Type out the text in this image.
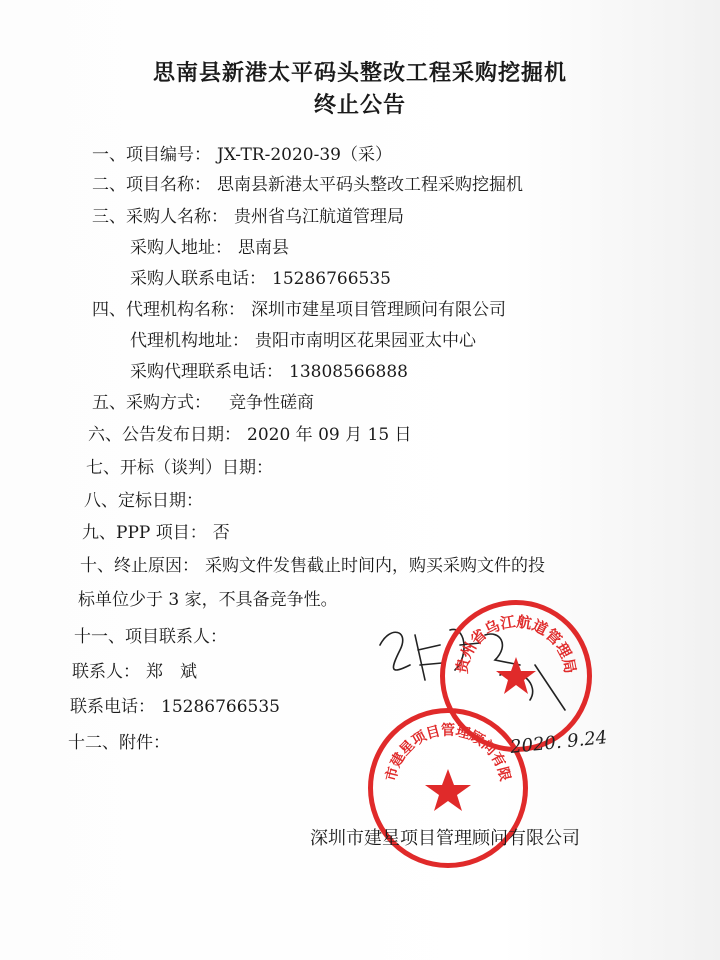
思南县新港太平码头整改工程采购挖掘机
终止公告
一、项目编号： JX-TR-2020-39（采）
二、项目名称： 思南县新港太平码头整改工程采购挖掘机
三、采购人名称： 贵州省乌江航道管理局
采购人地址： 思南县
采购人联系电话： 15286766535
四、代理机构名称： 深圳市建星项目管理顾问有限公司
代理机构地址： 贵阳市南明区花果园亚太中心
采购代理联系电话： 13808566888
五、采购方式： 竞争性磋商
六、公告发布日期： 2020 年 09 月 15 日
七、开标（谈判）日期：
八、定标日期：
九、PPP 项目： 否
十、终止原因： 采购文件发售截止时间内，购买采购文件的投
标单位少于 3 家，不具备竞争性。
十一、项目联系人：
联系人： 郑　斌
联系电话： 15286766535
十二、附件：
贵州省乌江航道管理局
市建星项目管理顾问有限
2020. 9.24
深圳市建星项目管理顾问有限公司
